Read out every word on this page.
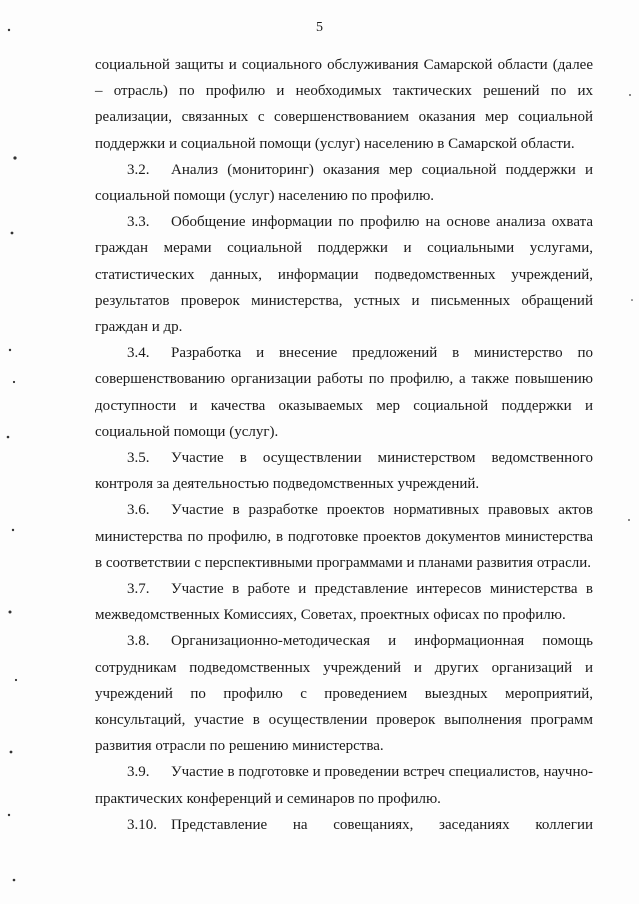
5

социальной защиты и социального обслуживания Самарской области (далее – отрасль) по профилю и необходимых тактических решений по их реализации, связанных с совершенствованием оказания мер социальной поддержки и социальной помощи (услуг) населению в Самарской области.

3.2. Анализ (мониторинг) оказания мер социальной поддержки и социальной помощи (услуг) населению по профилю.

3.3. Обобщение информации по профилю на основе анализа охвата граждан мерами социальной поддержки и социальными услугами, статистических данных, информации подведомственных учреждений, результатов проверок министерства, устных и письменных обращений граждан и др.

3.4. Разработка и внесение предложений в министерство по совершенствованию организации работы по профилю, а также повышению доступности и качества оказываемых мер социальной поддержки и социальной помощи (услуг).

3.5. Участие в осуществлении министерством ведомственного контроля за деятельностью подведомственных учреждений.

3.6. Участие в разработке проектов нормативных правовых актов министерства по профилю, в подготовке проектов документов министерства в соответствии с перспективными программами и планами развития отрасли.

3.7. Участие в работе и представление интересов министерства в межведомственных Комиссиях, Советах, проектных офисах по профилю.

3.8. Организационно-методическая и информационная помощь сотрудникам подведомственных учреждений и других организаций и учреждений по профилю с проведением выездных мероприятий, консультаций, участие в осуществлении проверок выполнения программ развития отрасли по решению министерства.

3.9. Участие в подготовке и проведении встреч специалистов, научно-практических конференций и семинаров по профилю.

3.10. Представление на совещаниях, заседаниях коллегии
